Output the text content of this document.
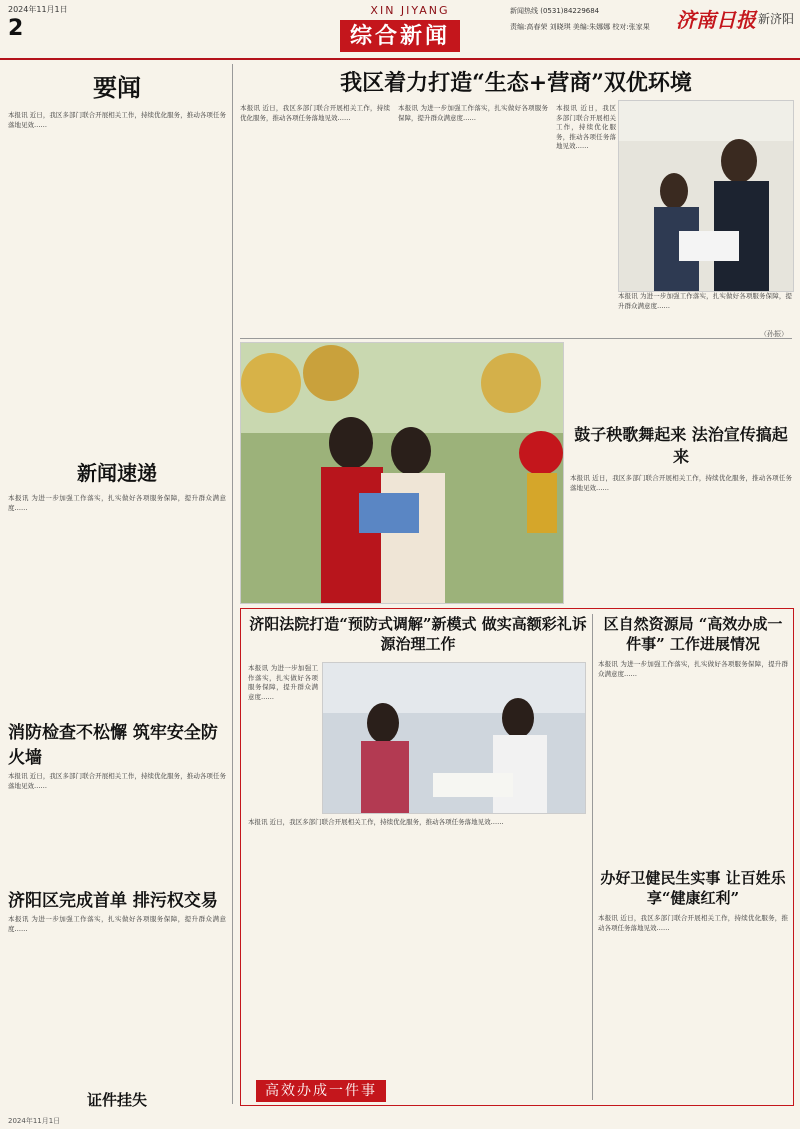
2024年11月1日
2
XIN JIYANG
综合新闻
新闻热线 (0531)84229684
责编:高春荣 刘晓琪 美编:朱娜娜 校对:张家果 济南日报 新济阳
要闻
本报讯 近日，我区多部门联合开展相关工作，持续优化服务，推动各项任务落地见效……
新闻速递
本报讯 为进一步加强工作落实，扎实做好各项服务保障，提升群众满意度……
消防检查不松懈 筑牢安全防火墙
本报讯 近日，我区多部门联合开展相关工作，持续优化服务，推动各项任务落地见效……
济阳区完成首单 排污权交易
本报讯 为进一步加强工作落实，扎实做好各项服务保障，提升群众满意度……
证件挂失
2024年11月1日
我区着力打造“生态+营商”双优环境
本报讯 近日，我区多部门联合开展相关工作，持续优化服务，推动各项任务落地见效……
本报讯 为进一步加强工作落实，扎实做好各项服务保障，提升群众满意度……
本报讯 近日，我区多部门联合开展相关工作，持续优化服务，推动各项任务落地见效……
本报讯 为进一步加强工作落实，扎实做好各项服务保障，提升群众满意度……
（孙振）
鼓子秧歌舞起来 法治宣传搞起来
本报讯 近日，我区多部门联合开展相关工作，持续优化服务，推动各项任务落地见效……
济阳法院打造“预防式调解”新模式 做实高额彩礼诉源治理工作
本报讯 为进一步加强工作落实，扎实做好各项服务保障，提升群众满意度……
本报讯 近日，我区多部门联合开展相关工作，持续优化服务，推动各项任务落地见效……
高效办成一件事
区自然资源局 “高效办成一件事” 工作进展情况
本报讯 为进一步加强工作落实，扎实做好各项服务保障，提升群众满意度……
办好卫健民生实事 让百姓乐享“健康红利”
本报讯 近日，我区多部门联合开展相关工作，持续优化服务，推动各项任务落地见效……
